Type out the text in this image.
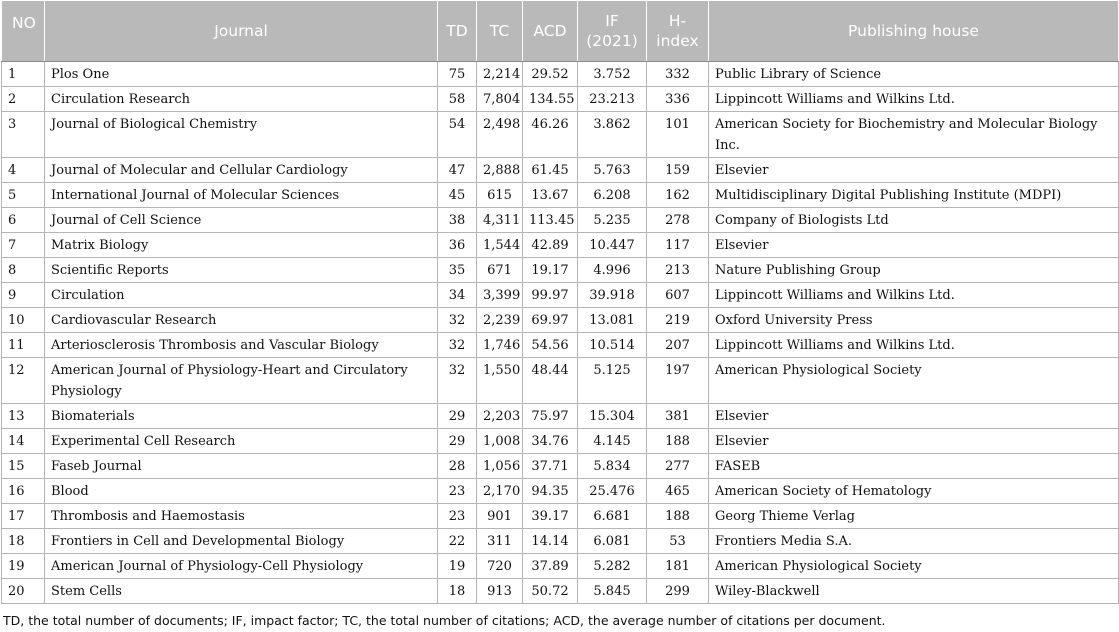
NO	Journal	TD	TC	ACD	IF (2021)	H-index	Publishing house
1	Plos One	75	2,214	29.52	3.752	332	Public Library of Science
2	Circulation Research	58	7,804	134.55	23.213	336	Lippincott Williams and Wilkins Ltd.
3	Journal of Biological Chemistry	54	2,498	46.26	3.862	101	American Society for Biochemistry and Molecular Biology Inc.
4	Journal of Molecular and Cellular Cardiology	47	2,888	61.45	5.763	159	Elsevier
5	International Journal of Molecular Sciences	45	615	13.67	6.208	162	Multidisciplinary Digital Publishing Institute (MDPI)
6	Journal of Cell Science	38	4,311	113.45	5.235	278	Company of Biologists Ltd
7	Matrix Biology	36	1,544	42.89	10.447	117	Elsevier
8	Scientific Reports	35	671	19.17	4.996	213	Nature Publishing Group
9	Circulation	34	3,399	99.97	39.918	607	Lippincott Williams and Wilkins Ltd.
10	Cardiovascular Research	32	2,239	69.97	13.081	219	Oxford University Press
11	Arteriosclerosis Thrombosis and Vascular Biology	32	1,746	54.56	10.514	207	Lippincott Williams and Wilkins Ltd.
12	American Journal of Physiology-Heart and Circulatory Physiology	32	1,550	48.44	5.125	197	American Physiological Society
13	Biomaterials	29	2,203	75.97	15.304	381	Elsevier
14	Experimental Cell Research	29	1,008	34.76	4.145	188	Elsevier
15	Faseb Journal	28	1,056	37.71	5.834	277	FASEB
16	Blood	23	2,170	94.35	25.476	465	American Society of Hematology
17	Thrombosis and Haemostasis	23	901	39.17	6.681	188	Georg Thieme Verlag
18	Frontiers in Cell and Developmental Biology	22	311	14.14	6.081	53	Frontiers Media S.A.
19	American Journal of Physiology-Cell Physiology	19	720	37.89	5.282	181	American Physiological Society
20	Stem Cells	18	913	50.72	5.845	299	Wiley-Blackwell
TD, the total number of documents; IF, impact factor; TC, the total number of citations; ACD, the average number of citations per document.
